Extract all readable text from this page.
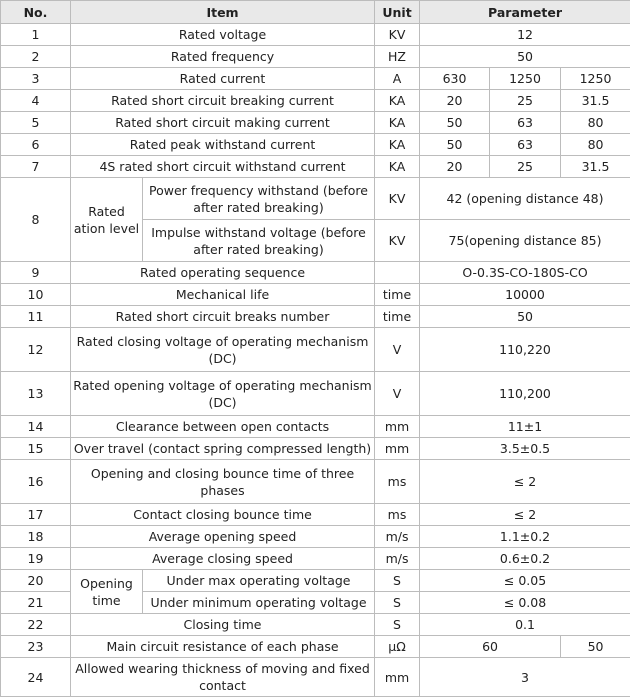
No.	Item		Unit	Parameter		
1	Rated voltage		KV	12		
2	Rated frequency		HZ	50		
3	Rated current		A	630	1250	1250
4	Rated short circuit breaking current		KA	20	25	31.5
5	Rated short circuit making current		KA	50	63	80
6	Rated peak withstand current		KA	50	63	80
7	4S rated short circuit withstand current		KA	20	25	31.5
8	Rated ation level	Power frequency withstand (before after rated breaking)	KV	42 (opening distance 48)		
		Impulse withstand voltage (before after rated breaking)	KV	75(opening distance 85)		
9	Rated operating sequence			O-0.3S-CO-180S-CO		
10	Mechanical life		time	10000		
11	Rated short circuit breaks number		time	50		
12	Rated closing voltage of operating mechanism (DC)		V	110,220		
13	Rated opening voltage of operating mechanism (DC)		V	110,200		
14	Clearance between open contacts		mm	11±1		
15	Over travel (contact spring compressed length)		mm	3.5±0.5		
16	Opening and closing bounce time of three phases		ms	≤ 2		
17	Contact closing bounce time		ms	≤ 2		
18	Average opening speed		m/s	1.1±0.2		
19	Average closing speed		m/s	0.6±0.2		
20	Opening time	Under max operating voltage	S	≤ 0.05		
21		Under minimum operating voltage	S	≤ 0.08		
22	Closing time		S	0.1		
23	Main circuit resistance of each phase		μΩ	60		50
24	Allowed wearing thickness of moving and fixed contact		mm	3		
